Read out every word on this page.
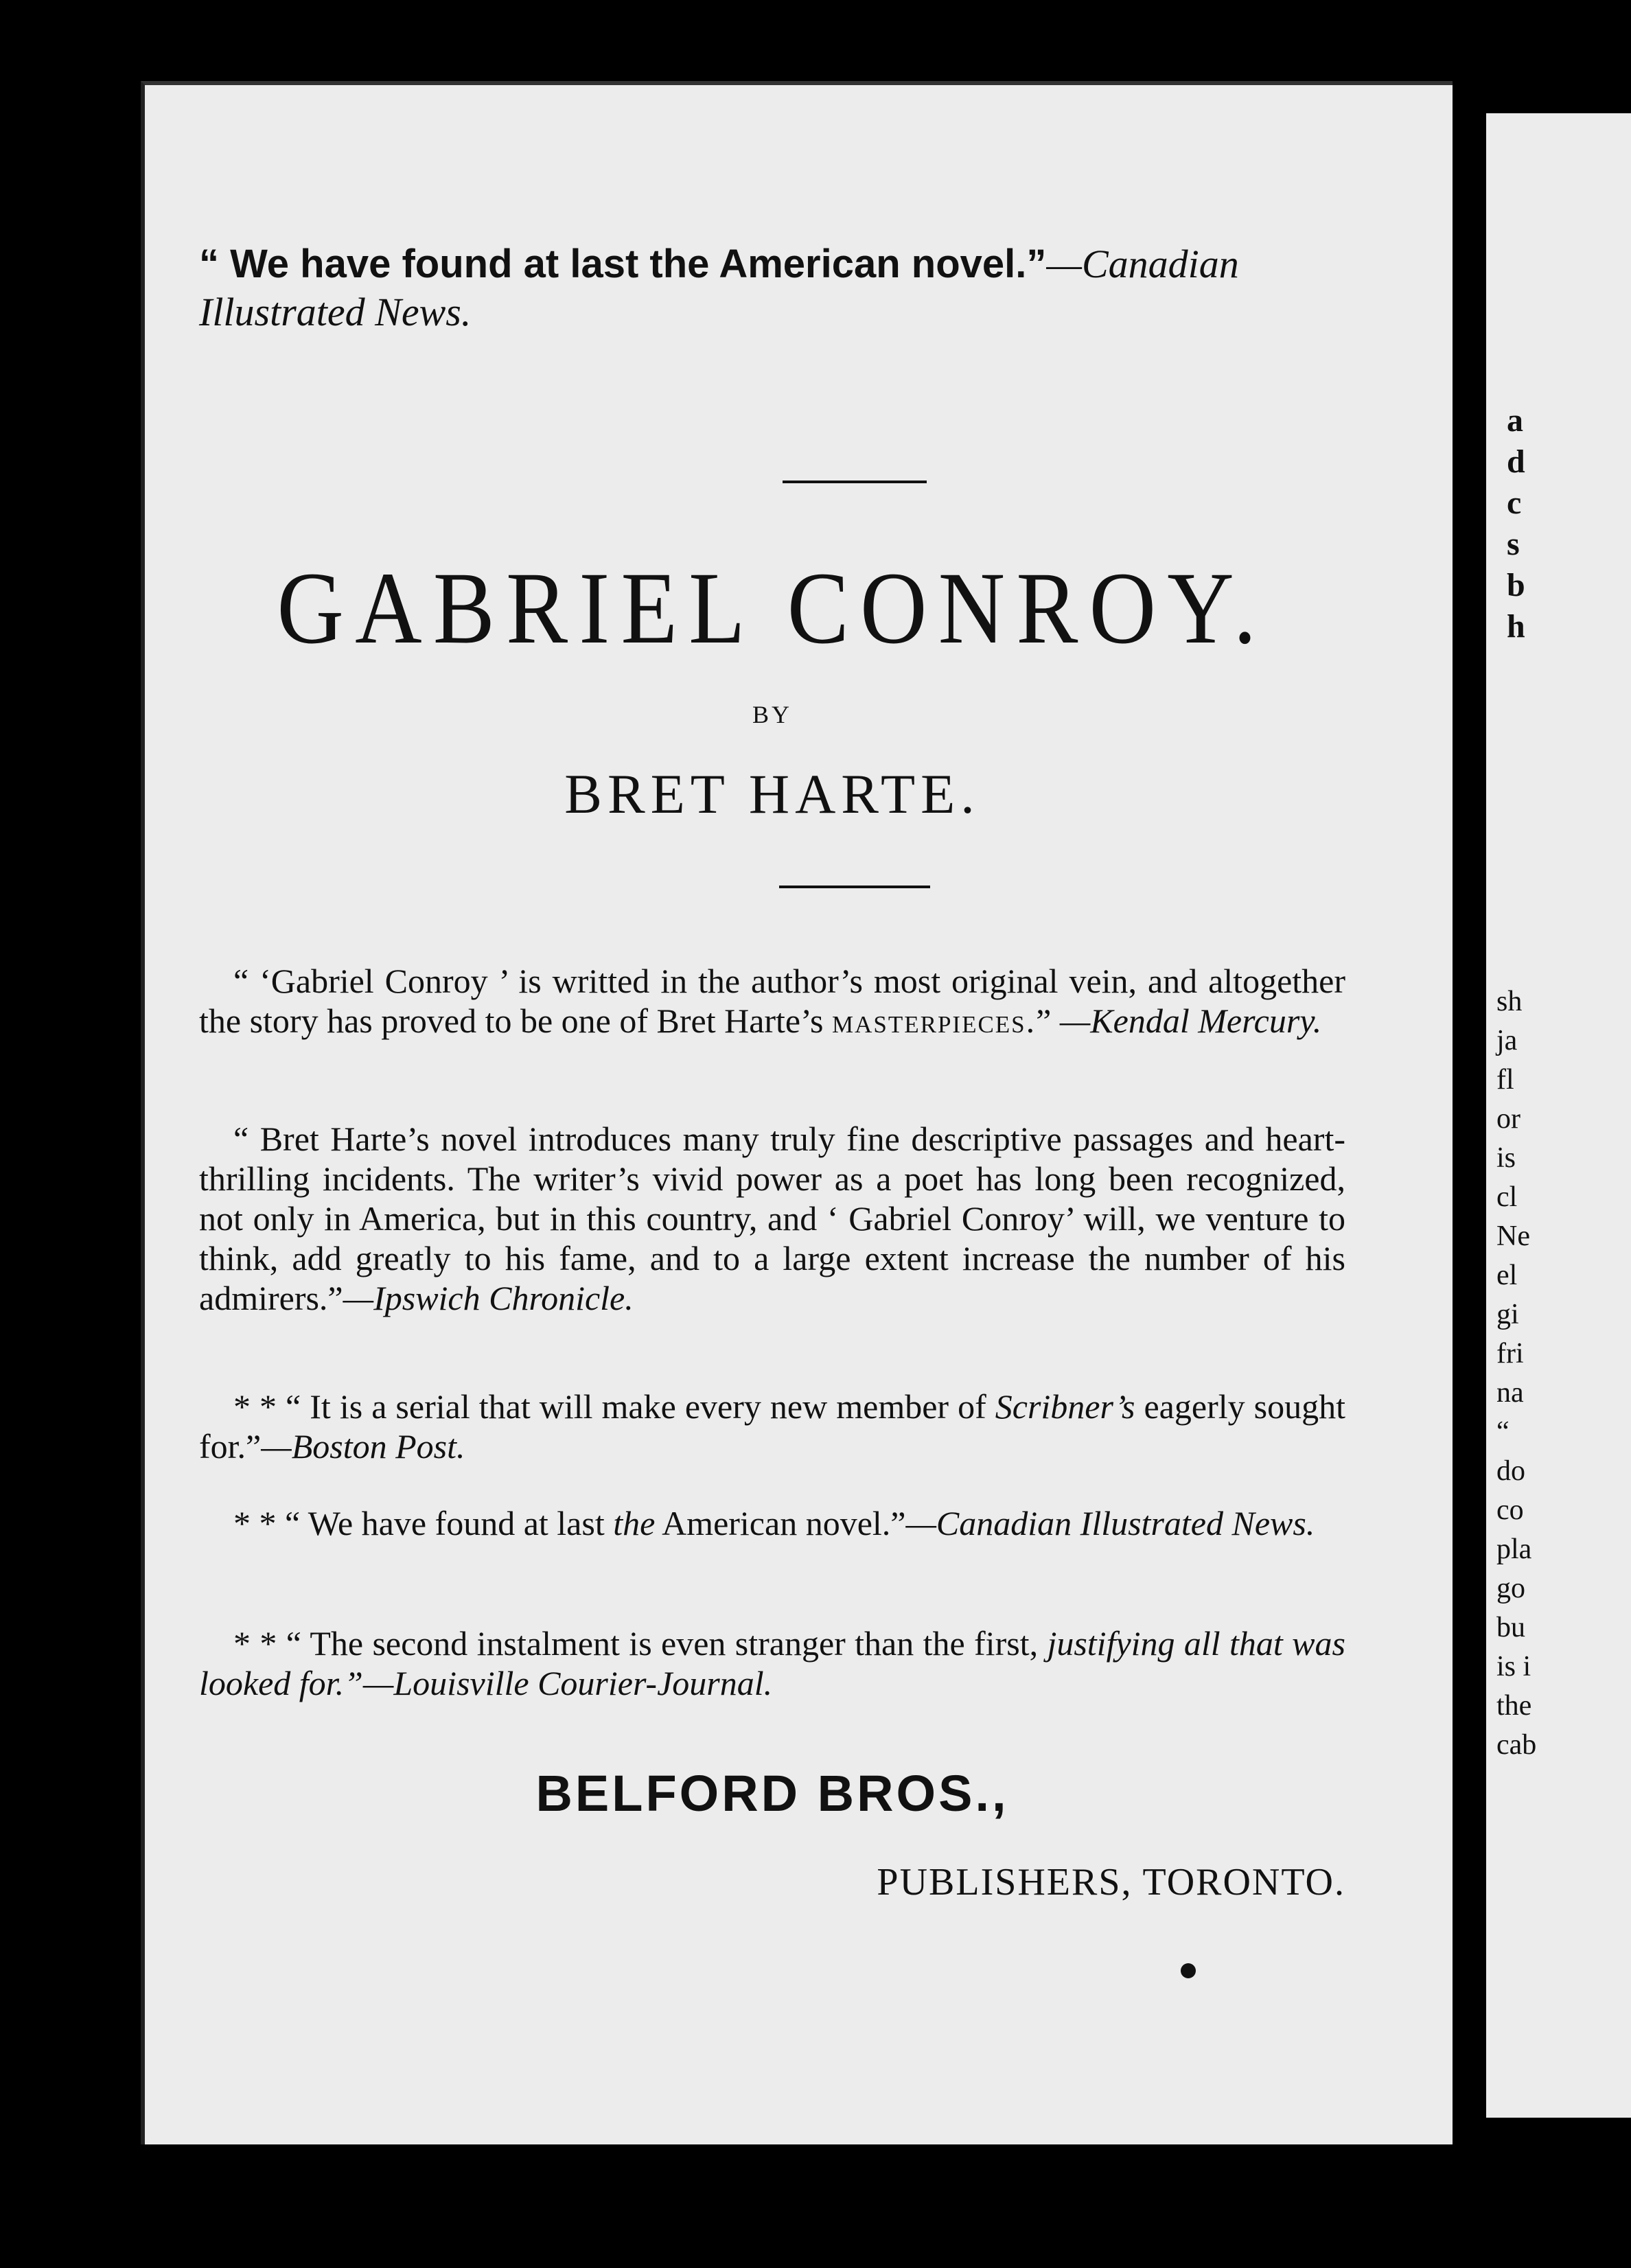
a
d
c
s
b
h
sh
ja
fl
or
is
cl
Ne
el
gi
fri
na
“
do
co
pla
go
bu
is i
the
cab
“ We have found at last the American novel.”—Canadian Illustrated News.
GABRIEL CONROY.
BY
BRET HARTE.
“ ‘Gabriel Conroy ’ is writted in the author’s most original vein, and altogether the story has proved to be one of Bret Harte’s masterpieces.” —Kendal Mercury.
“ Bret Harte’s novel introduces many truly fine descriptive passages and heart-thrilling incidents. The writer’s vivid power as a poet has long been recognized, not only in America, but in this country, and ‘ Gabriel Conroy’ will, we venture to think, add greatly to his fame, and to a large extent increase the number of his admirers.”—Ipswich Chronicle.
* * “ It is a serial that will make every new member of Scribner’s eagerly sought for.”—Boston Post.
* * “ We have found at last the American novel.”—Canadian Illustrated News.
* * “ The second instalment is even stranger than the first, justifying all that was looked for.”—Louisville Courier-Journal.
BELFORD BROS.,
PUBLISHERS, TORONTO.
